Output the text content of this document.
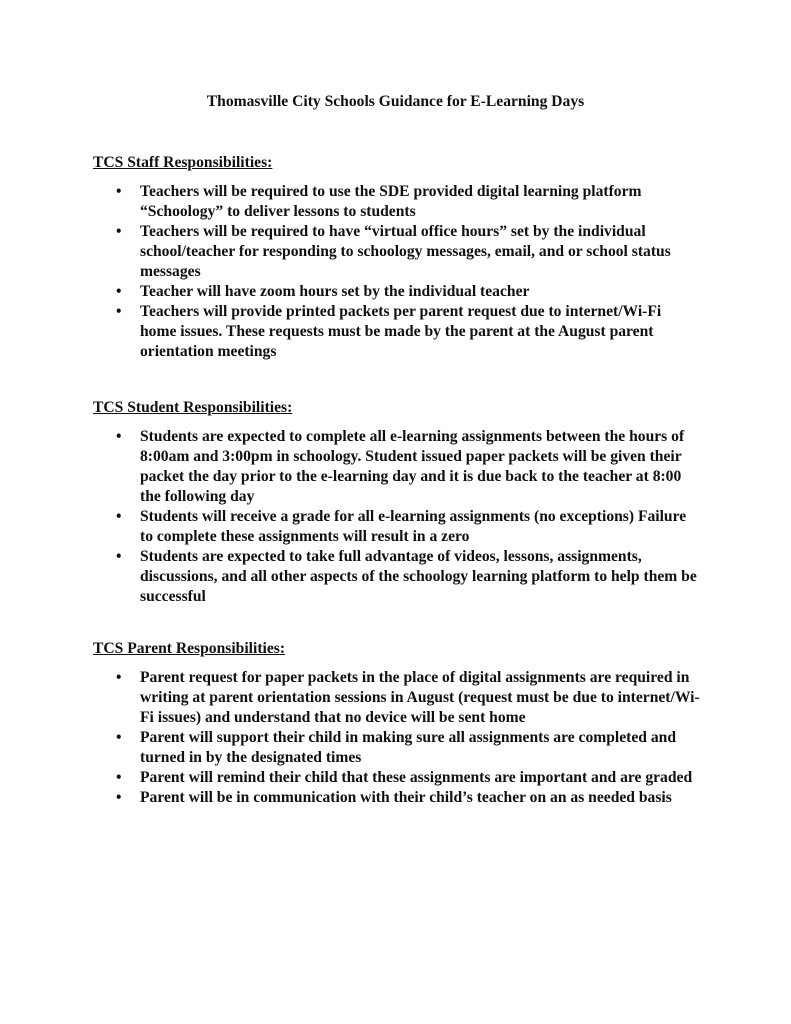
Thomasville City Schools Guidance for E-Learning Days
TCS Staff Responsibilities:
• Teachers will be required to use the SDE provided digital learning platform
“Schoology” to deliver lessons to students
• Teachers will be required to have “virtual office hours” set by the individual
school/teacher for responding to schoology messages, email, and or school status
messages
• Teacher will have zoom hours set by the individual teacher
• Teachers will provide printed packets per parent request due to internet/Wi-Fi
home issues. These requests must be made by the parent at the August parent
orientation meetings
TCS Student Responsibilities:
• Students are expected to complete all e-learning assignments between the hours of
8:00am and 3:00pm in schoology. Student issued paper packets will be given their
packet the day prior to the e-learning day and it is due back to the teacher at 8:00
the following day
• Students will receive a grade for all e-learning assignments (no exceptions) Failure
to complete these assignments will result in a zero
• Students are expected to take full advantage of videos, lessons, assignments,
discussions, and all other aspects of the schoology learning platform to help them be
successful
TCS Parent Responsibilities:
• Parent request for paper packets in the place of digital assignments are required in
writing at parent orientation sessions in August (request must be due to internet/Wi-
Fi issues) and understand that no device will be sent home
• Parent will support their child in making sure all assignments are completed and
turned in by the designated times
• Parent will remind their child that these assignments are important and are graded
• Parent will be in communication with their child’s teacher on an as needed basis
